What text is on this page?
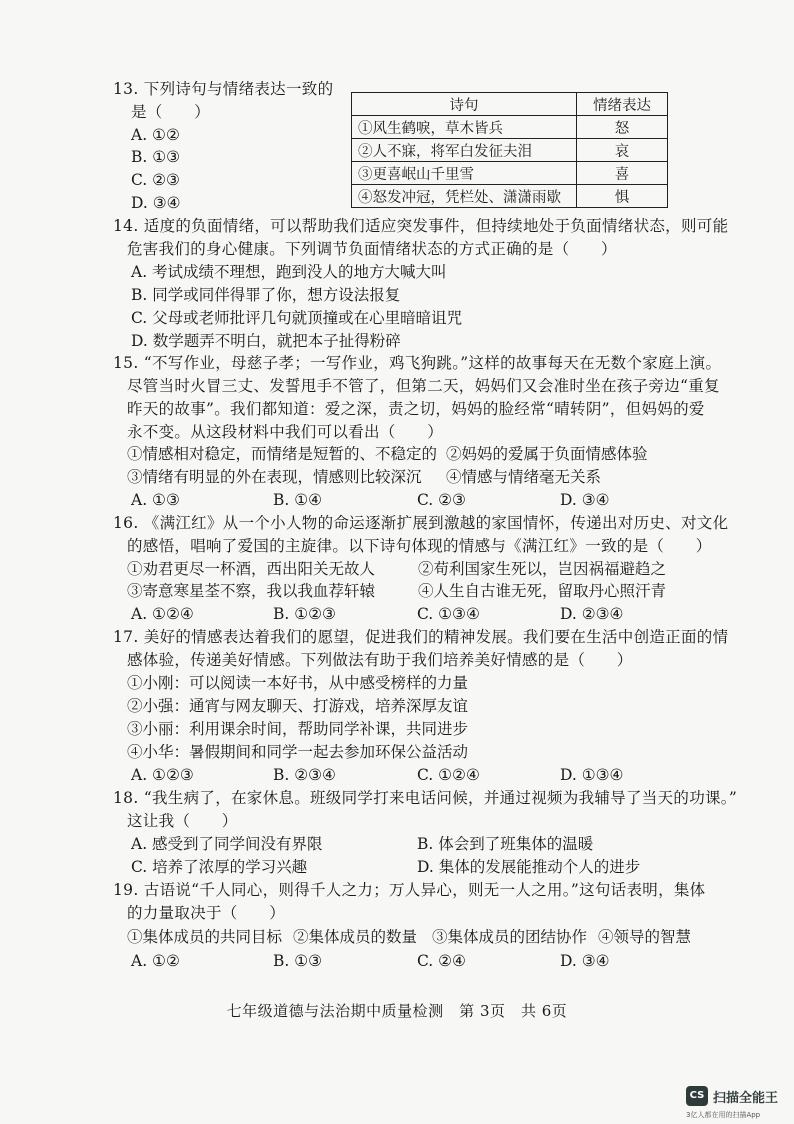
13. 下列诗句与情绪表达一致的
是（　　）
A. ①②
B. ①③
C. ②③
D. ③④
诗句	情绪表达
①风生鹤唳，草木皆兵	怒
②人不寐，将军白发征夫泪	哀
③更喜岷山千里雪	喜
④怒发冲冠，凭栏处、潇潇雨歇	惧
14. 适度的负面情绪，可以帮助我们适应突发事件，但持续地处于负面情绪状态，则可能
危害我们的身心健康。下列调节负面情绪状态的方式正确的是（　　）
A. 考试成绩不理想，跑到没人的地方大喊大叫
B. 同学或同伴得罪了你，想方设法报复
C. 父母或老师批评几句就顶撞或在心里暗暗诅咒
D. 数学题弄不明白，就把本子扯得粉碎
15. “不写作业，母慈子孝；一写作业，鸡飞狗跳。”这样的故事每天在无数个家庭上演。
尽管当时火冒三丈、发誓甩手不管了，但第二天，妈妈们又会准时坐在孩子旁边“重复
昨天的故事”。我们都知道：爱之深，责之切，妈妈的脸经常“晴转阴”，但妈妈的爱
永不变。从这段材料中我们可以看出（　　）
①情感相对稳定，而情绪是短暂的、不稳定的 ②妈妈的爱属于负面情感体验
③情绪有明显的外在表现，情感则比较深沉 ④情感与情绪毫无关系
A. ①③	B. ①④	C. ②③	D. ③④
16. 《满江红》从一个小人物的命运逐渐扩展到激越的家国情怀，传递出对历史、对文化
的感悟，唱响了爱国的主旋律。以下诗句体现的情感与《满江红》一致的是（　　）
①劝君更尽一杯酒，西出阳关无故人	②苟利国家生死以，岂因祸福避趋之
③寄意寒星荃不察，我以我血荐轩辕	④人生自古谁无死，留取丹心照汗青
A. ①②④	B. ①②③	C. ①③④	D. ②③④
17. 美好的情感表达着我们的愿望，促进我们的精神发展。我们要在生活中创造正面的情
感体验，传递美好情感。下列做法有助于我们培养美好情感的是（　　）
①小刚：可以阅读一本好书，从中感受榜样的力量
②小强：通宵与网友聊天、打游戏，培养深厚友谊
③小丽：利用课余时间，帮助同学补课，共同进步
④小华：暑假期间和同学一起去参加环保公益活动
A. ①②③	B. ②③④	C. ①②④	D. ①③④
18. “我生病了，在家休息。班级同学打来电话问候，并通过视频为我辅导了当天的功课。”
这让我（　　）
A. 感受到了同学间没有界限	B. 体会到了班集体的温暖
C. 培养了浓厚的学习兴趣	D. 集体的发展能推动个人的进步
19. 古语说“千人同心，则得千人之力；万人异心，则无一人之用。”这句话表明，集体
的力量取决于（　　）
①集体成员的共同目标 ②集体成员的数量 ③集体成员的团结协作 ④领导的智慧
A. ①②	B. ①③	C. ②④	D. ③④
七年级道德与法治期中质量检测　第 3页　共 6页
CS 扫描全能王
3亿人都在用的扫描App
